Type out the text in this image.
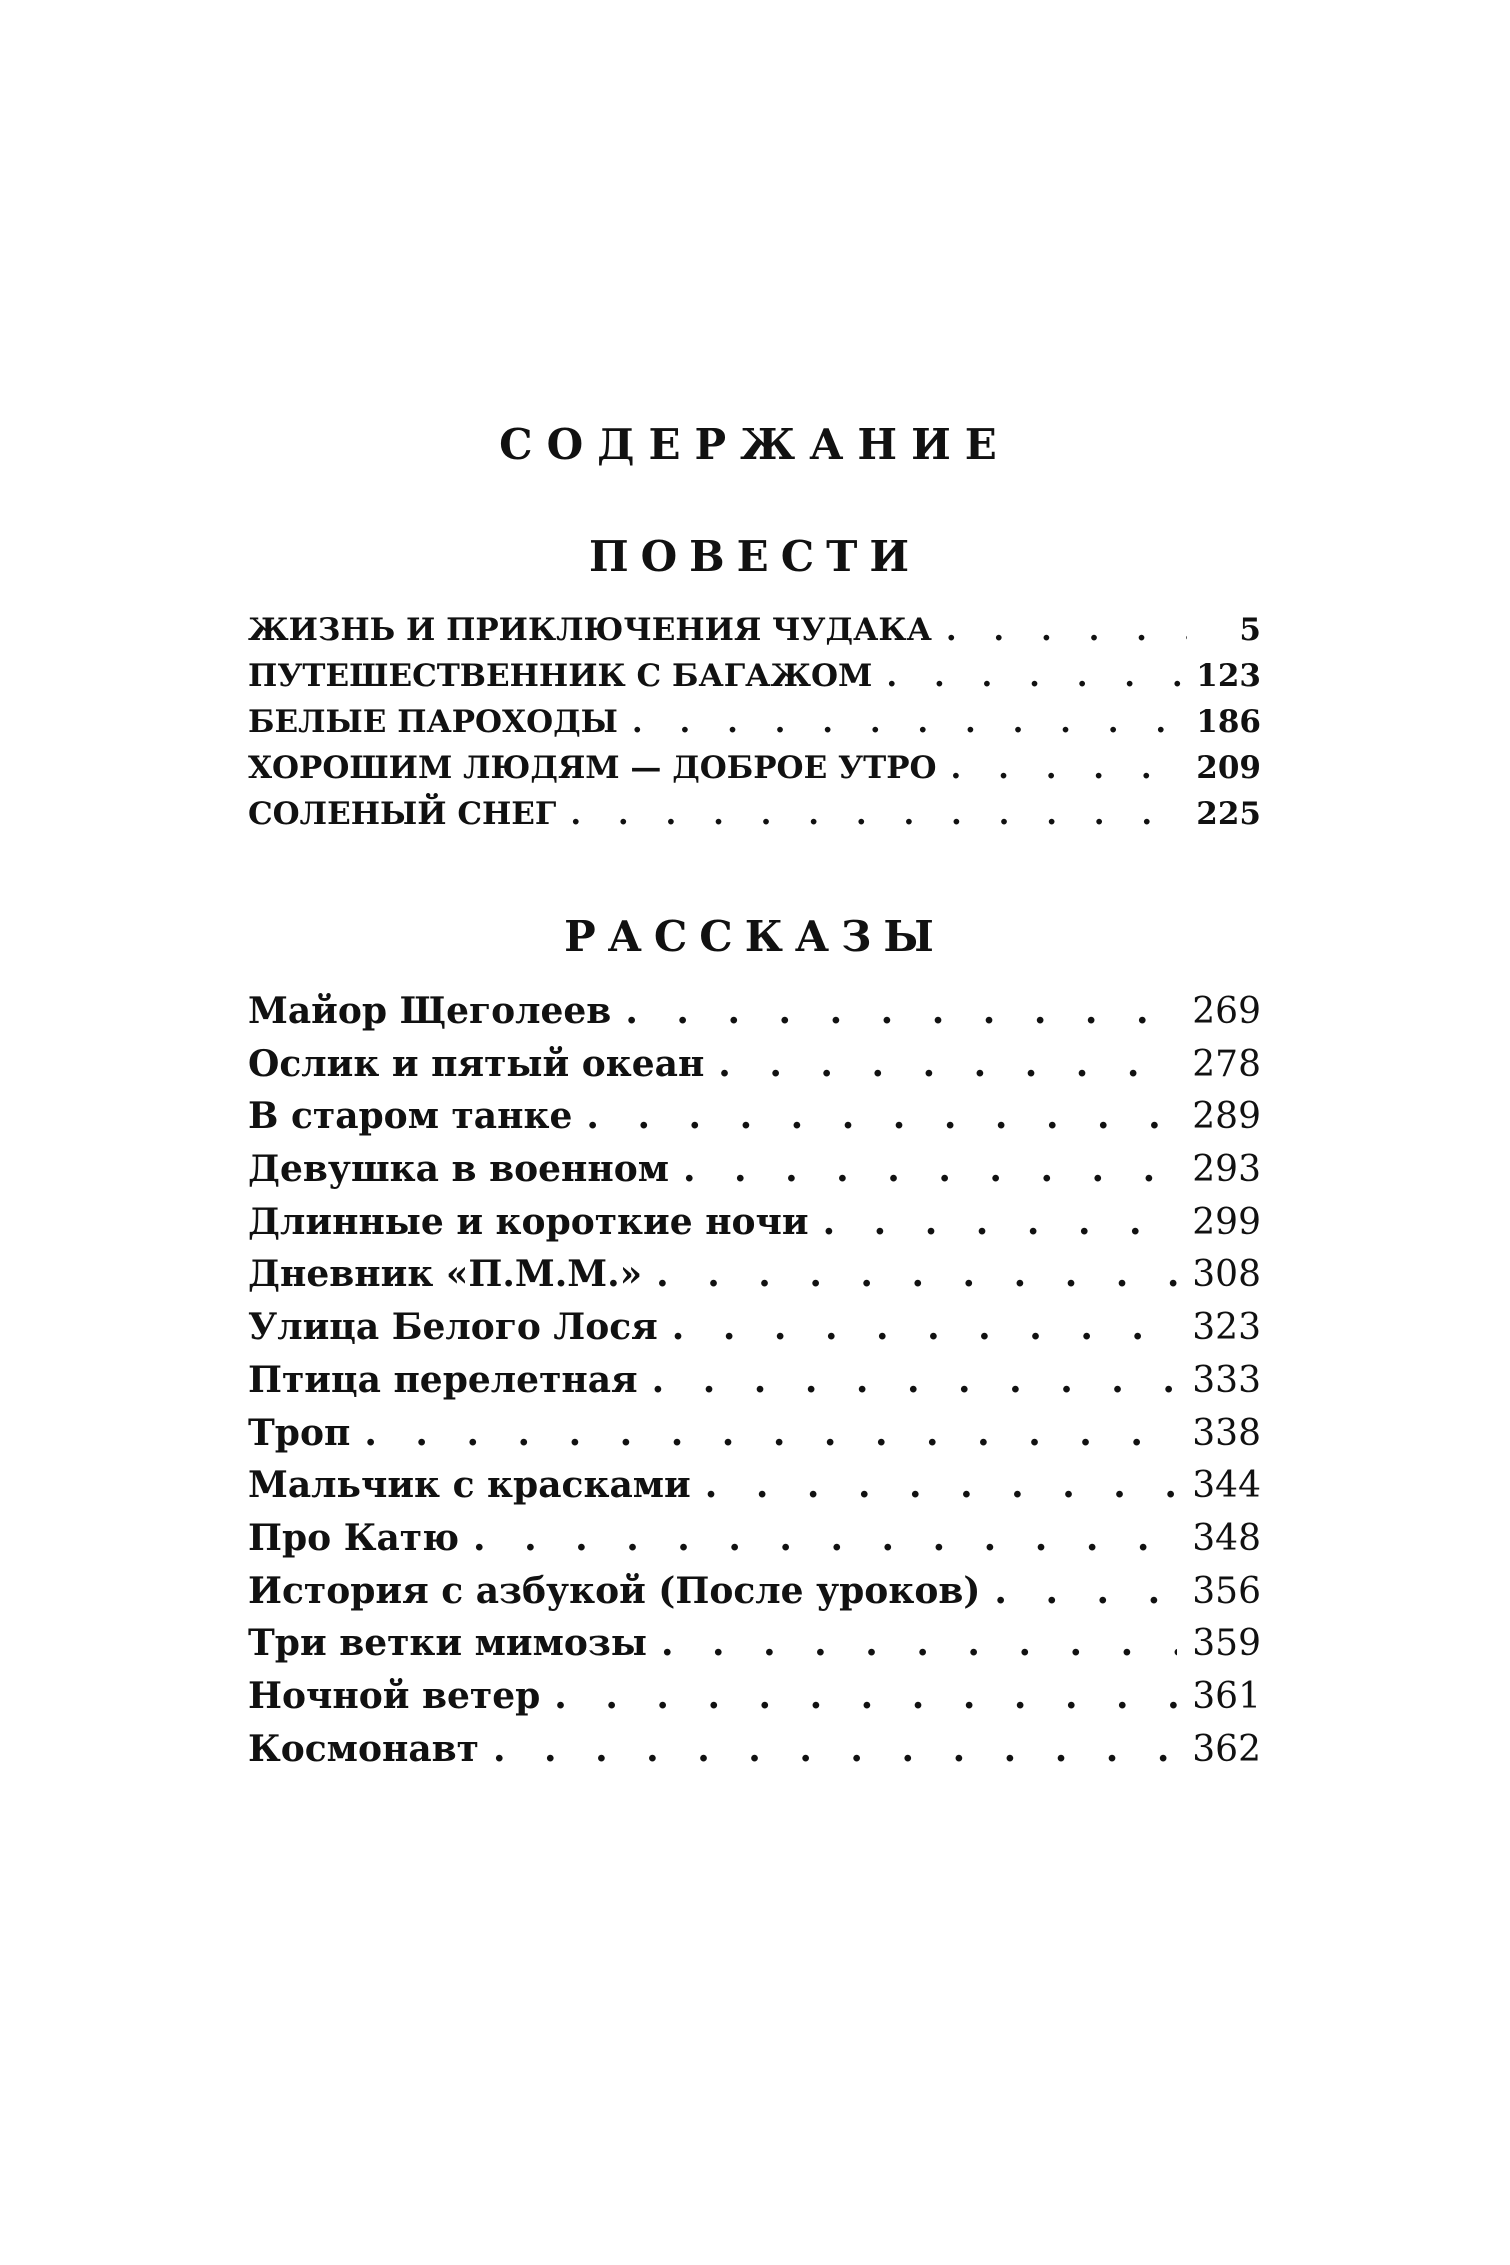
СОДЕРЖАНИЕ
ПОВЕСТИ
ЖИЗНЬ И ПРИКЛЮЧЕНИЯ ЧУДАКА . . .	5
ПУТЕШЕСТВЕННИК С БАГАЖОМ . . .	123
БЕЛЫЕ ПАРОХОДЫ . . .	186
ХОРОШИМ ЛЮДЯМ — ДОБРОЕ УТРО . . .	209
СОЛЕНЫЙ СНЕГ . . .	225
РАССКАЗЫ
Майор Щеголеев . . .	269
Ослик и пятый океан . . .	278
В старом танке . . .	289
Девушка в военном . . .	293
Длинные и короткие ночи . . .	299
Дневник «П.М.М.» . . .	308
Улица Белого Лося . . .	323
Птица перелетная . . .	333
Троп . . .	338
Мальчик с красками . . .	344
Про Катю . . .	348
История с азбукой (После уроков) . . .	356
Три ветки мимозы . . .	359
Ночной ветер . . .	361
Космонавт . . .	362
